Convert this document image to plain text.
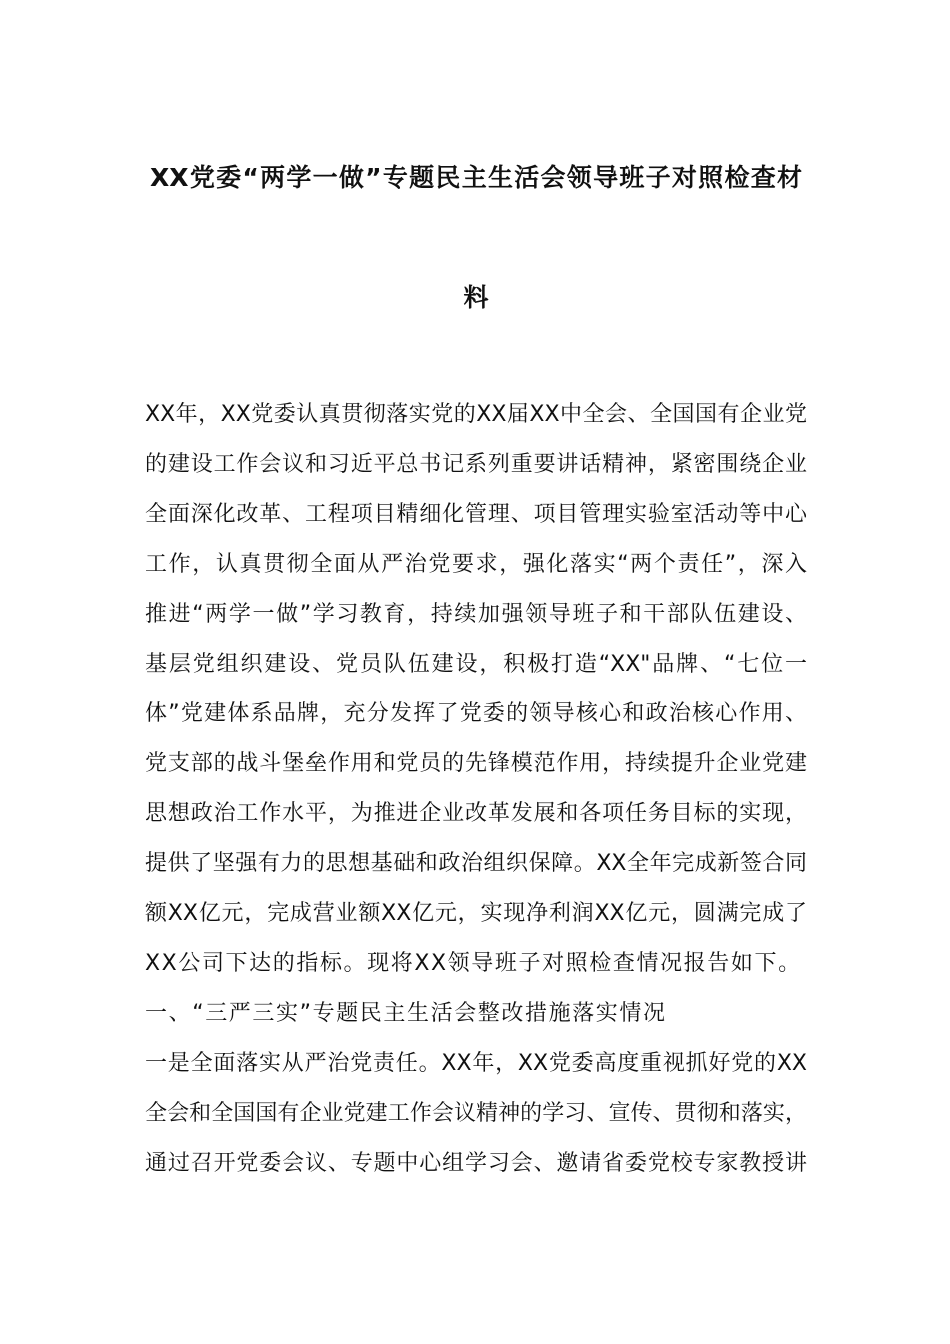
XX党委“两学一做”专题民主生活会领导班子对照检查材
料
XX年，XX党委认真贯彻落实党的XX届XX中全会、全国国有企业党
的建设工作会议和习近平总书记系列重要讲话精神，紧密围绕企业
全面深化改革、工程项目精细化管理、项目管理实验室活动等中心
工作，认真贯彻全面从严治党要求，强化落实“两个责任”，深入
推进“两学一做”学习教育，持续加强领导班子和干部队伍建设、
基层党组织建设、党员队伍建设，积极打造“XX"品牌、“七位一
体”党建体系品牌，充分发挥了党委的领导核心和政治核心作用、
党支部的战斗堡垒作用和党员的先锋模范作用，持续提升企业党建
思想政治工作水平，为推进企业改革发展和各项任务目标的实现，
提供了坚强有力的思想基础和政治组织保障。XX全年完成新签合同
额XX亿元，完成营业额XX亿元，实现净利润XX亿元，圆满完成了
XX公司下达的指标。现将XX领导班子对照检查情况报告如下。
一、“三严三实”专题民主生活会整改措施落实情况
一是全面落实从严治党责任。XX年，XX党委高度重视抓好党的XX
全会和全国国有企业党建工作会议精神的学习、宣传、贯彻和落实，
通过召开党委会议、专题中心组学习会、邀请省委党校专家教授讲
